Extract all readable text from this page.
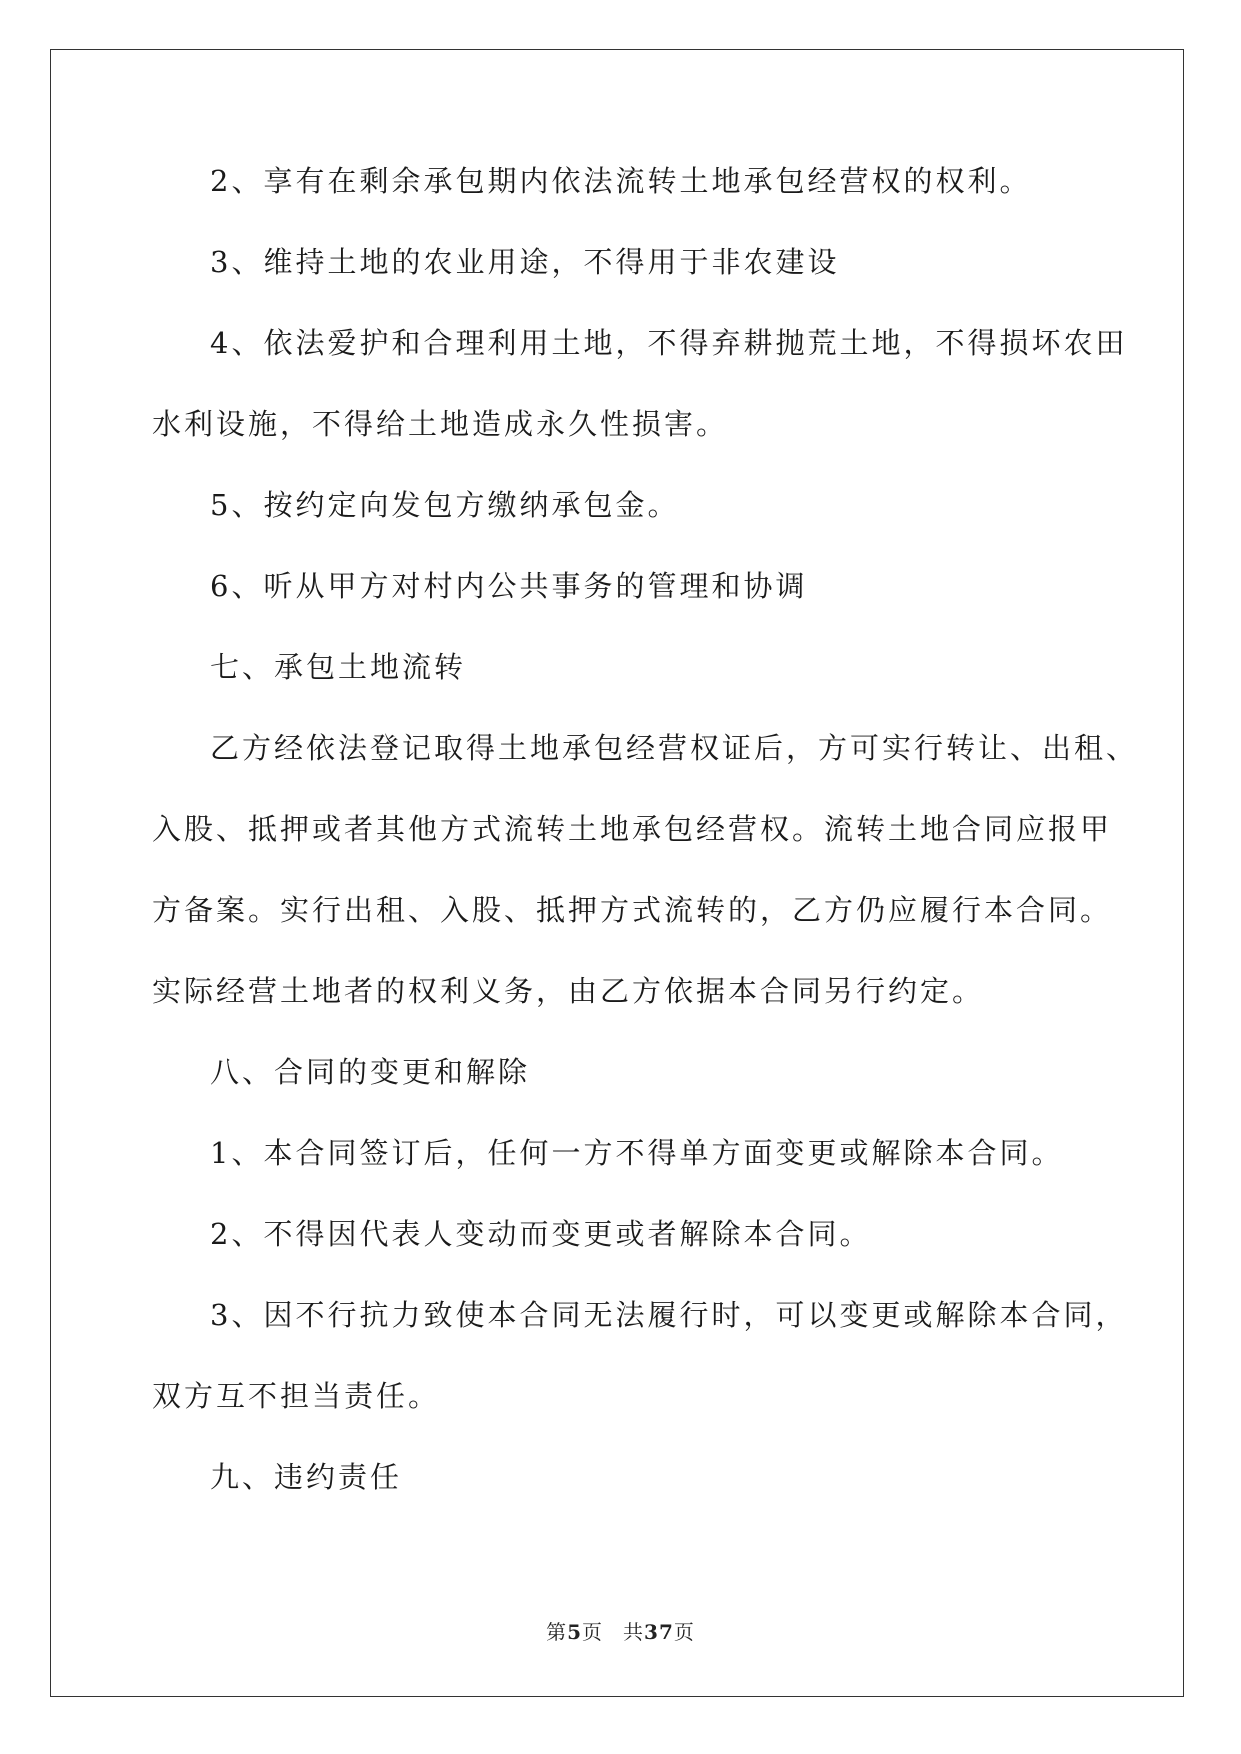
2、享有在剩余承包期内依法流转土地承包经营权的权利。

3、维持土地的农业用途，不得用于非农建设

4、依法爱护和合理利用土地，不得弃耕抛荒土地，不得损坏农田

水利设施，不得给土地造成永久性损害。

5、按约定向发包方缴纳承包金。

6、听从甲方对村内公共事务的管理和协调

七、承包土地流转

乙方经依法登记取得土地承包经营权证后，方可实行转让、出租、

入股、抵押或者其他方式流转土地承包经营权。流转土地合同应报甲

方备案。实行出租、入股、抵押方式流转的，乙方仍应履行本合同。

实际经营土地者的权利义务，由乙方依据本合同另行约定。

八、合同的变更和解除

1、本合同签订后，任何一方不得单方面变更或解除本合同。

2、不得因代表人变动而变更或者解除本合同。

3、因不行抗力致使本合同无法履行时，可以变更或解除本合同，

双方互不担当责任。

九、违约责任

第5页 共37页
